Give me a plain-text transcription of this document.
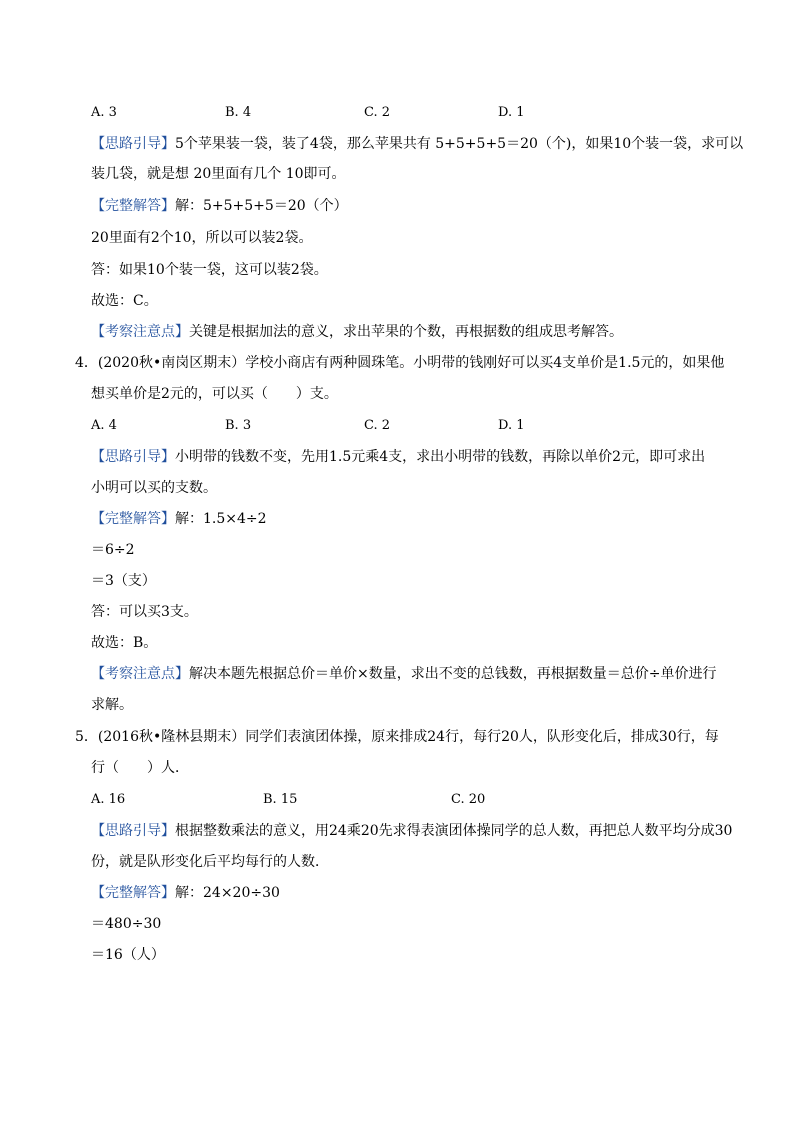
A. 3	B. 4	C. 2	D. 1
【思路引导】5个苹果装一袋，装了4袋，那么苹果共有 5+5+5+5＝20（个)，如果10个装一袋，求可以
装几袋，就是想 20里面有几个 10即可。
【完整解答】解：5+5+5+5＝20（个）
20里面有2个10，所以可以装2袋。
答：如果10个装一袋，这可以装2袋。
故选：C。
【考察注意点】关键是根据加法的意义，求出苹果的个数，再根据数的组成思考解答。
4．(2020秋•南岗区期末）学校小商店有两种圆珠笔。小明带的钱刚好可以买4支单价是1.5元的，如果他
想买单价是2元的，可以买（　　）支。
A. 4	B. 3	C. 2	D. 1
【思路引导】小明带的钱数不变，先用1.5元乘4支，求出小明带的钱数，再除以单价2元，即可求出
小明可以买的支数。
【完整解答】解：1.5×4÷2
＝6÷2
＝3（支）
答：可以买3支。
故选：B。
【考察注意点】解决本题先根据总价＝单价×数量，求出不变的总钱数，再根据数量＝总价÷单价进行
求解。
5．(2016秋•隆林县期末）同学们表演团体操，原来排成24行，每行20人，队形变化后，排成30行，每
行（　　）人．
A. 16	B. 15	C. 20
【思路引导】根据整数乘法的意义，用24乘20先求得表演团体操同学的总人数，再把总人数平均分成30
份，就是队形变化后平均每行的人数．
【完整解答】解：24×20÷30
＝480÷30
＝16（人）
